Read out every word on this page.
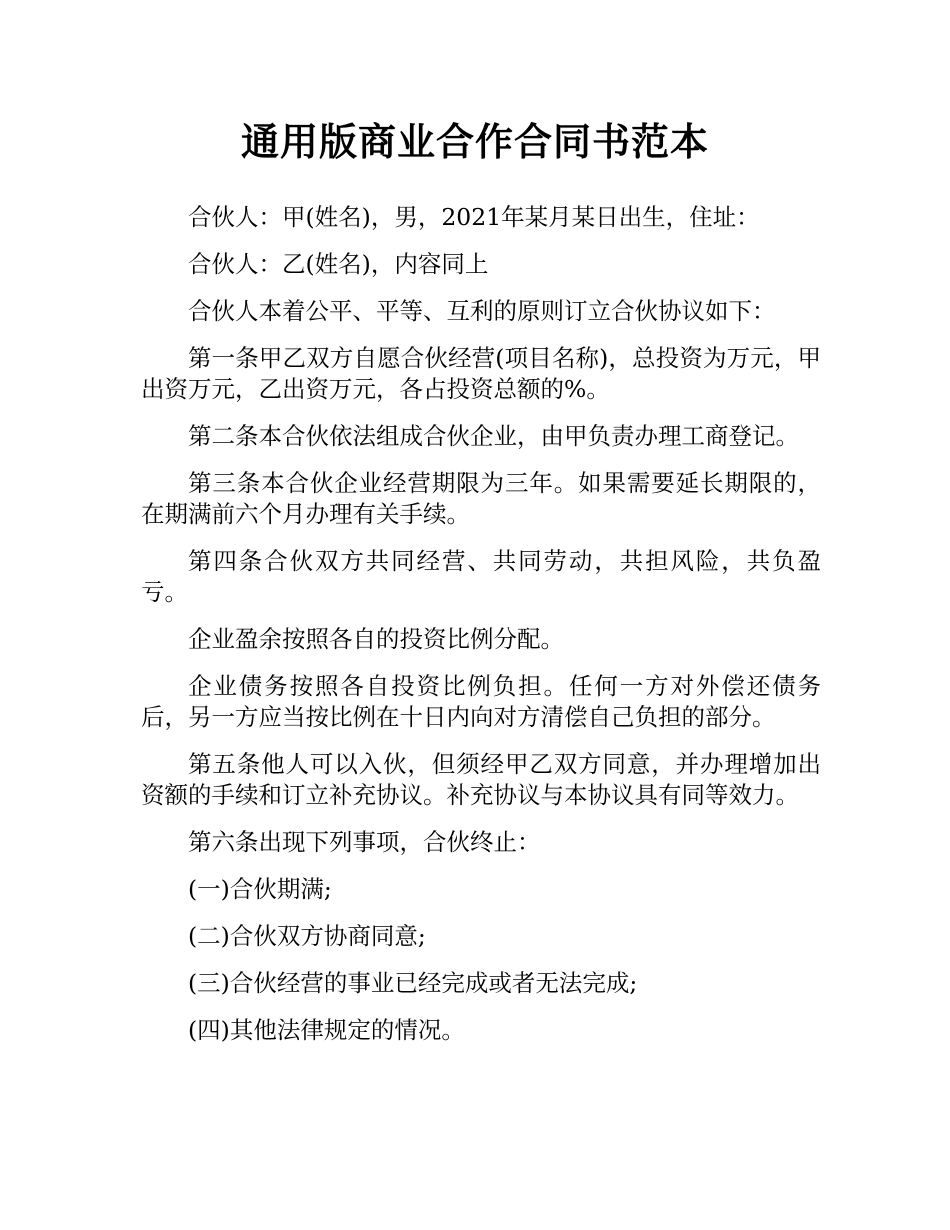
通用版商业合作合同书范本

合伙人：甲(姓名)，男，2021年某月某日出生，住址：

合伙人：乙(姓名)，内容同上

合伙人本着公平、平等、互利的原则订立合伙协议如下：

第一条甲乙双方自愿合伙经营(项目名称)，总投资为万元，甲出资万元，乙出资万元，各占投资总额的%。

第二条本合伙依法组成合伙企业，由甲负责办理工商登记。

第三条本合伙企业经营期限为三年。如果需要延长期限的，在期满前六个月办理有关手续。

第四条合伙双方共同经营、共同劳动，共担风险，共负盈亏。

企业盈余按照各自的投资比例分配。

企业债务按照各自投资比例负担。任何一方对外偿还债务后，另一方应当按比例在十日内向对方清偿自己负担的部分。

第五条他人可以入伙，但须经甲乙双方同意，并办理增加出资额的手续和订立补充协议。补充协议与本协议具有同等效力。

第六条出现下列事项，合伙终止：

(一)合伙期满;

(二)合伙双方协商同意;

(三)合伙经营的事业已经完成或者无法完成;

(四)其他法律规定的情况。
